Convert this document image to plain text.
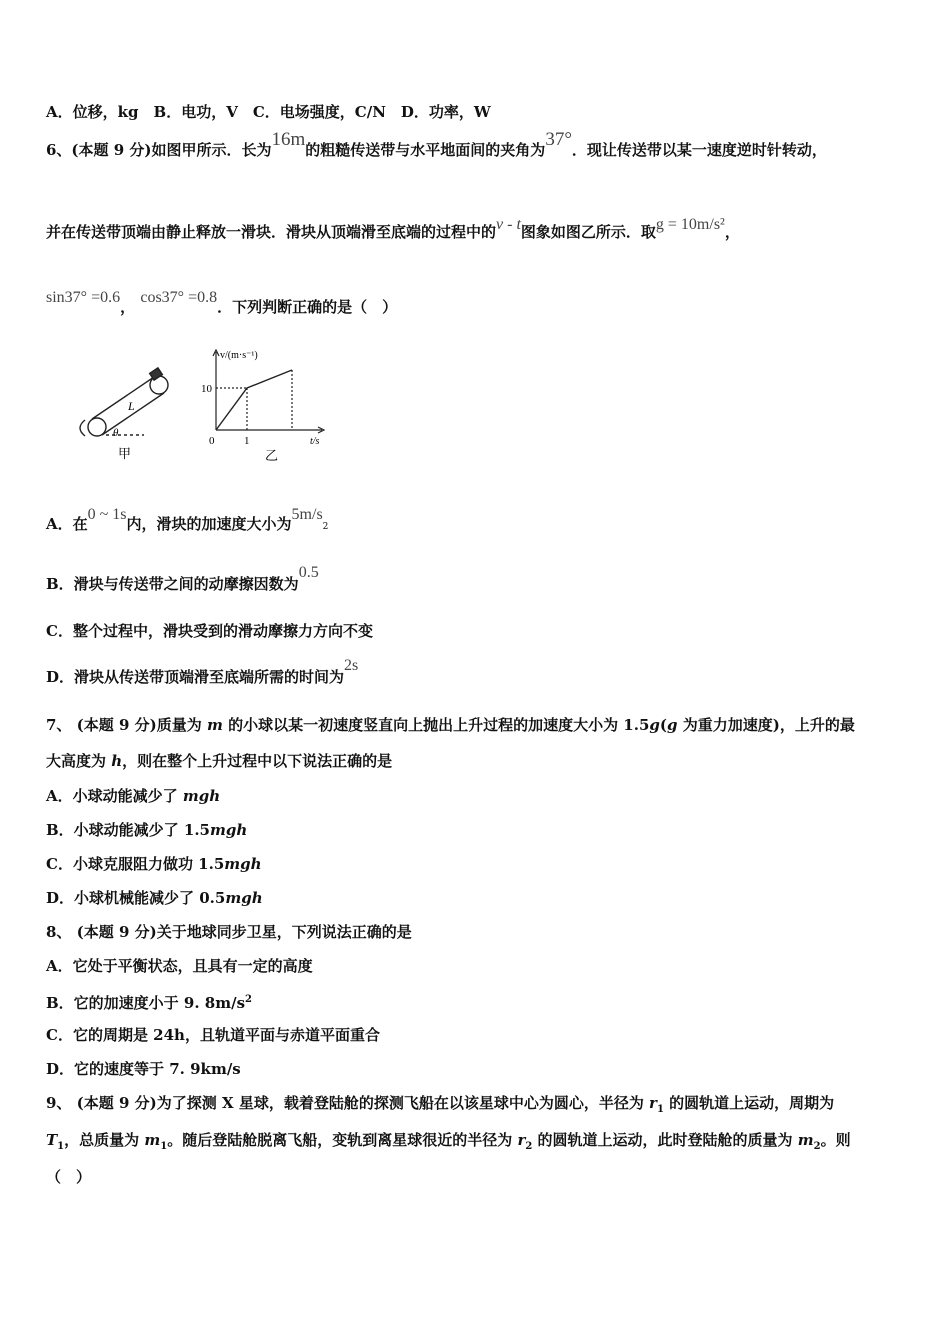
A．位移，kg　B．电功，V　C．电场强度，C/N　D．功率，W
6、(本题 9 分)如图甲所示．长为16m的粗糙传送带与水平地面间的夹角为37°．现让传送带以某一速度逆时针转动，
并在传送带顶端由静止释放一滑块．滑块从顶端滑至底端的过程中的v - t图象如图乙所示．取g = 10m/s²，
sin37° =0.6， cos37° =0.8．下列判断正确的是（　）
L
θ
甲
v/(m·s⁻¹)
t/s
10
1
0
乙
A．在0 ~ 1s内，滑块的加速度大小为5m/s2
B．滑块与传送带之间的动摩擦因数为0.5
C．整个过程中，滑块受到的滑动摩擦力方向不变
D．滑块从传送带顶端滑至底端所需的时间为2s
7、 (本题 9 分)质量为 m 的小球以某一初速度竖直向上抛出上升过程的加速度大小为 1.5g(g 为重力加速度)，上升的最
大高度为 h，则在整个上升过程中以下说法正确的是
A．小球动能减少了 mgh
B．小球动能减少了 1.5mgh
C．小球克服阻力做功 1.5mgh
D．小球机械能减少了 0.5mgh
8、 (本题 9 分)关于地球同步卫星，下列说法正确的是
A．它处于平衡状态，且具有一定的高度
B．它的加速度小于 9. $8m/s^2$
C．它的周期是 24h，且轨道平面与赤道平面重合
D．它的速度等于 7. 9km/s
9、 (本题 9 分)为了探测 X 星球，载着登陆舱的探测飞船在以该星球中心为圆心，半径为 $r_1$ 的圆轨道上运动，周期为
$T_1$，总质量为 $m_1$。随后登陆舱脱离飞船，变轨到离星球很近的半径为 $r_2$ 的圆轨道上运动，此时登陆舱的质量为 $m_2$。则
（　）
